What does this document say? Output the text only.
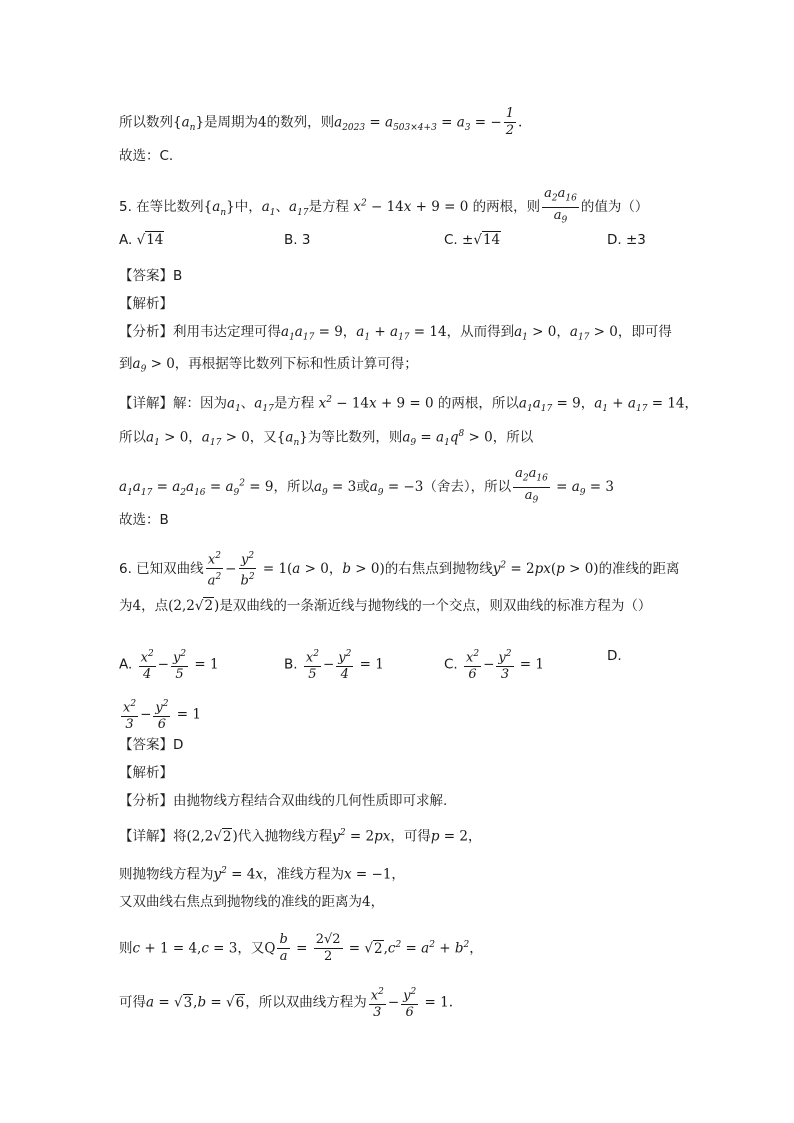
所以数列$\{a_n\}$是周期为4的数列，则$a_{2023} = a_{503\times 4+3} = a_3$ = − $\frac{1}{2}$ .
故选：C.
5. 在等比数列$\{a_n\}$中，$a_1$、$a_{17}$是方程 $x^2 - 14x + 9 = 0$ 的两根，则 $\frac{a_2a_{16}}{a_9}$ 的值为（）
A. √14	B. 3	C. ±√14	D. ±3
【答案】B
【解析】
【分析】利用韦达定理可得$a_1a_{17} = 9$，$a_1 + a_{17} = 14$，从而得到$a_1 > 0$，$a_{17} > 0$，即可得
到$a_9 > 0$，再根据等比数列下标和性质计算可得；
【详解】解：因为$a_1$、$a_{17}$是方程 $x^2 - 14x + 9 = 0$ 的两根，所以$a_1a_{17} = 9$，$a_1 + a_{17} = 14$，
所以$a_1 > 0$，$a_{17} > 0$，又$\{a_n\}$为等比数列，则$a_9 = a_1q^8 > 0$，所以
$a_1a_{17} = a_2a_{16} = a_9^2 = 9$，所以$a_9 = 3$或$a_9 = -3$（舍去），所以 $\frac{a_2a_{16}}{a_9} = a_9 = 3$
故选：B
6. 已知双曲线 $\frac{x^2}{a^2} - \frac{y^2}{b^2} = 1(a > 0$，b > 0)的右焦点到抛物线$y^2 = 2px(p > 0)$的准线的距离
为4，点(2,2√2)是双曲线的一条渐近线与抛物线的一个交点，则双曲线的标准方程为（）
A. $\frac{x^2}{4} - \frac{y^2}{5} = 1$	B. $\frac{x^2}{5} - \frac{y^2}{4} = 1$	C. $\frac{x^2}{6} - \frac{y^2}{3} = 1$
D.
$\frac{x^2}{3} - \frac{y^2}{6} = 1$
【答案】D
【解析】
【分析】由抛物线方程结合双曲线的几何性质即可求解.
【详解】将(2,2√2)代入抛物线方程$y^2 = 2px$，可得p = 2，
则抛物线方程为$y^2 = 4x$，准线方程为x = −1，
又双曲线右焦点到抛物线的准线的距离为4，
则c + 1 = 4,c = 3，又Q $\frac{b}{a} = \frac{2√2}{2} = √2,c^2 = a^2 + b^2$，
可得a = √3,b = √6，所以双曲线方程为 $\frac{x^2}{3} - \frac{y^2}{6} = 1$.
